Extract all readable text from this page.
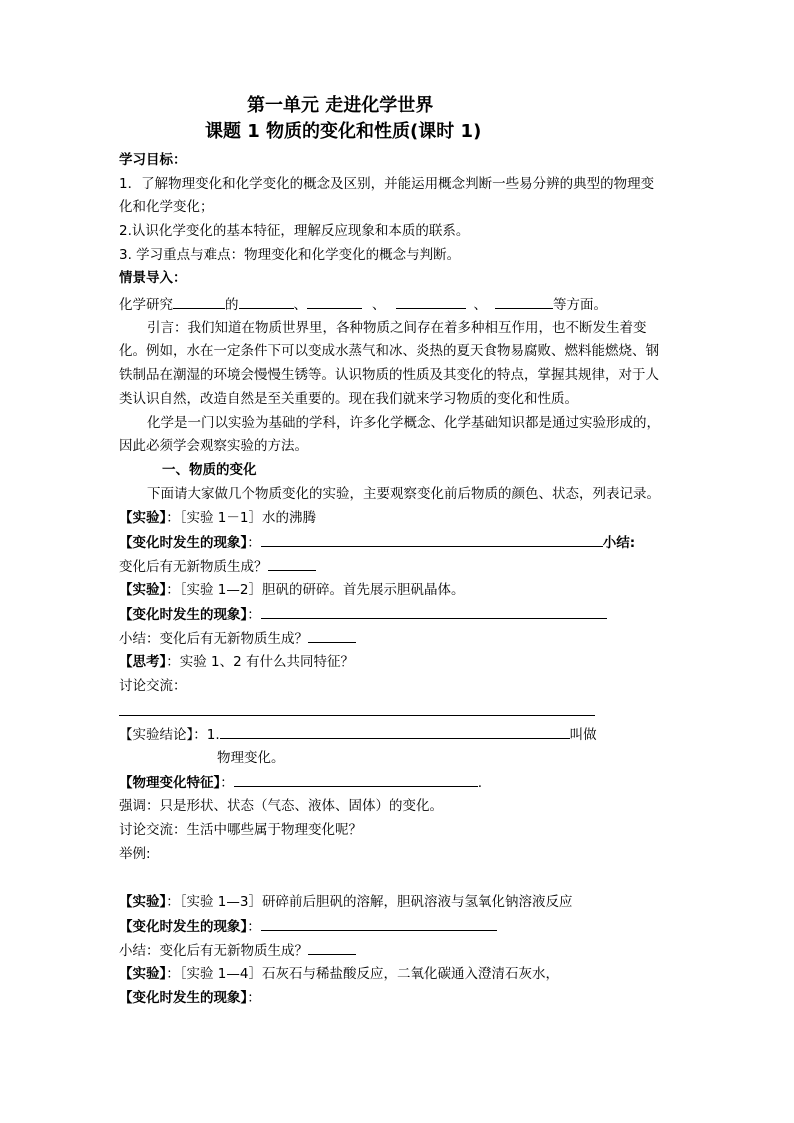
第一单元 走进化学世界
课题 1 物质的变化和性质(课时 1)
学习目标：
1．了解物理变化和化学变化的概念及区别，并能运用概念判断一些易分辨的典型的物理变
化和化学变化；
2.认识化学变化的基本特征，理解反应现象和本质的联系。
3. 学习重点与难点：物理变化和化学变化的概念与判断。
情景导入：
化学研究	的	、	、	、	等方面。
引言：我们知道在物质世界里，各种物质之间存在着多种相互作用，也不断发生着变
化。例如，水在一定条件下可以变成水蒸气和冰、炎热的夏天食物易腐败、燃料能燃烧、钢
铁制品在潮湿的环境会慢慢生锈等。认识物质的性质及其变化的特点，掌握其规律，对于人
类认识自然，改造自然是至关重要的。现在我们就来学习物质的变化和性质。
化学是一门以实验为基础的学科，许多化学概念、化学基础知识都是通过实验形成的，
因此必须学会观察实验的方法。
一、物质的变化
下面请大家做几个物质变化的实验，主要观察变化前后物质的颜色、状态，列表记录。
【实验】：［实验 1－1］水的沸腾
【变化时发生的现象】：	小结:
变化后有无新物质生成？
【实验】：［实验 1—2］胆矾的研碎。首先展示胆矾晶体。
【变化时发生的现象】：
小结：变化后有无新物质生成？
【思考】：实验 1、2 有什么共同特征？
讨论交流：
【实验结论】：1.	叫做
物理变化。
【物理变化特征】：	.
强调：只是形状、状态（气态、液体、固体）的变化。
讨论交流：生活中哪些属于物理变化呢？
举例:
【实验】：［实验 1—3］研碎前后胆矾的溶解，胆矾溶液与氢氧化钠溶液反应
【变化时发生的现象】：
小结：变化后有无新物质生成？
【实验】：［实验 1—4］石灰石与稀盐酸反应，二氧化碳通入澄清石灰水，
【变化时发生的现象】：
